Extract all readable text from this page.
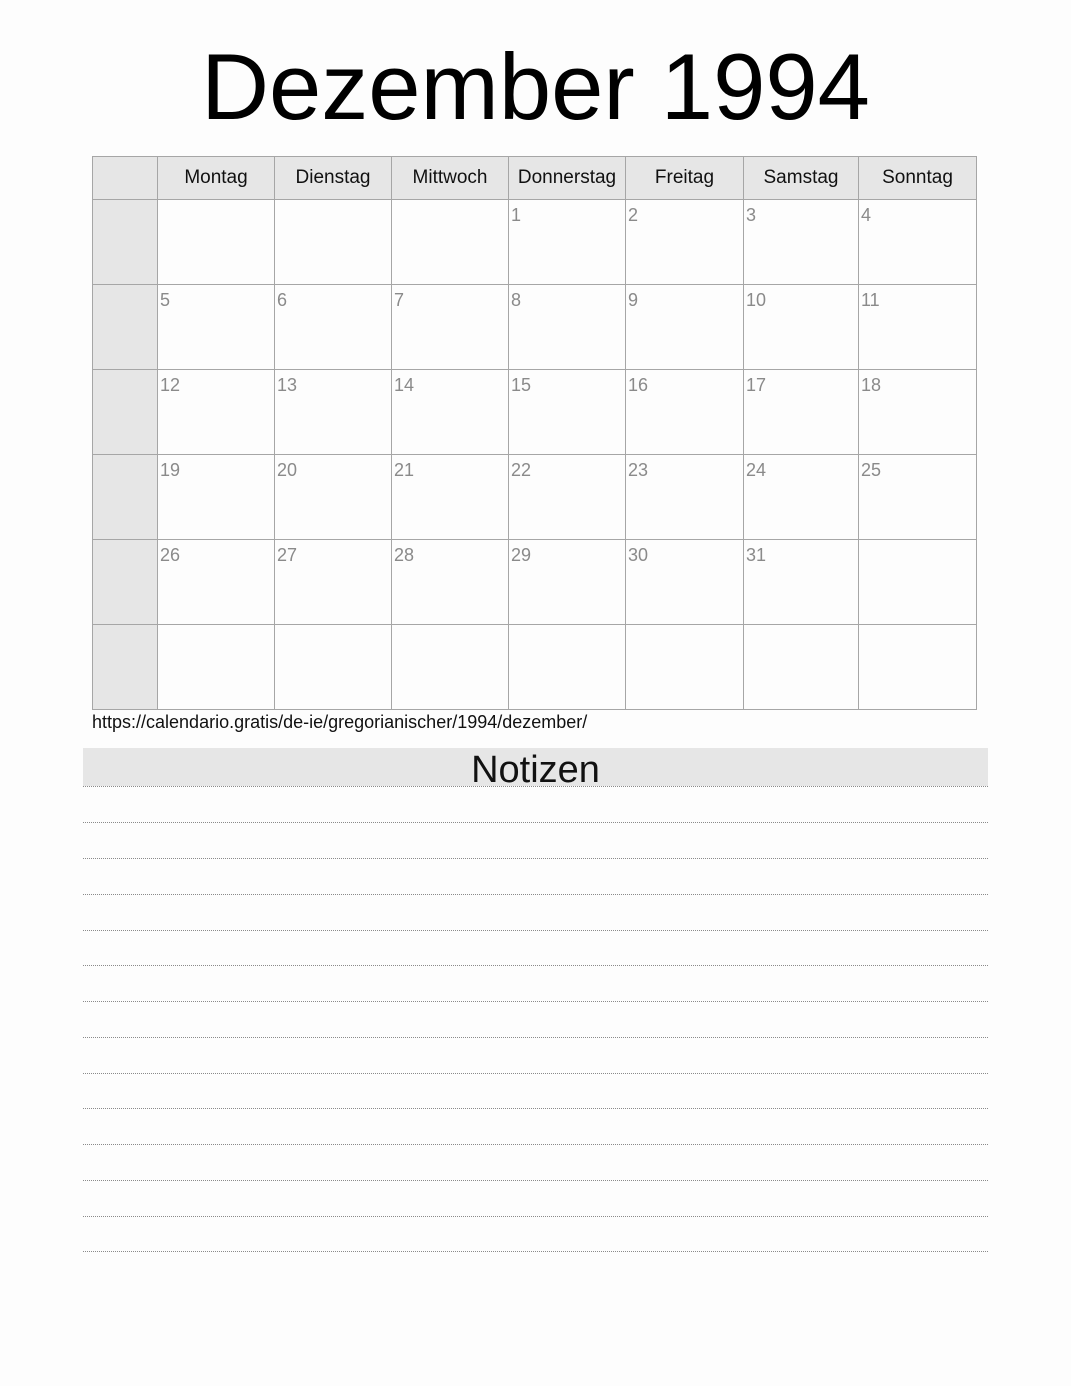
Dezember 1994
	Montag	Dienstag	Mittwoch	Donnerstag	Freitag	Samstag	Sonntag

				1	2	3	4

	5	6	7	8	9	10	11

	12	13	14	15	16	17	18

	19	20	21	22	23	24	25

	26	27	28	29	30	31	

https://calendario.gratis/de-ie/gregorianischer/1994/dezember/
Notizen
